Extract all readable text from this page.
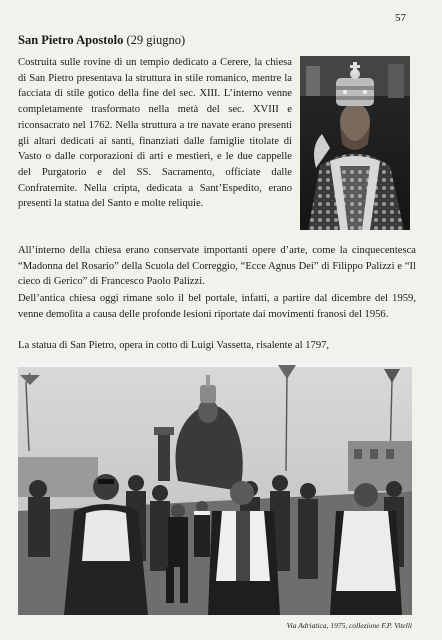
57
San Pietro Apostolo (29 giugno)

Costruita sulle rovine di un tempio dedicato a Cerere, la chiesa di San Pietro presentava la struttura in stile romanico, mentre la facciata di stile gotico della fine del sec. XIII. L’interno venne completamente trasformato nella metà del sec. XVIII e riconsacrato nel 1762. Nella struttura a tre navate erano presenti gli altari dedicati ai santi, finanziati dalle famiglie titolate di Vasto o dalle corporazioni di arti e mestieri, e le due cappelle del Purgatorio e del SS. Sacramento, officiate dalle Confraternite. Nella cripta, dedicata a Sant’Espedito, erano presenti la statua del Santo e molte reliquie.

All’interno della chiesa erano conservate importanti opere d’arte, come la cinquecentesca “Madonna del Rosario” della Scuola del Correggio, “Ecce Agnus Dei” di Filippo Palizzi e “Il cieco di Gerico” di Francesco Paolo Palizzi.

Dell’antica chiesa oggi rimane solo il bel portale, infatti, a partire dal dicembre del 1959, venne demolita a causa delle profonde lesioni riportate dai movimenti franosi del 1956.

La statua di San Pietro, opera in cotto di Luigi Vassetta, risalente al 1797,

Via Adriatica, 1975, collezione F.P. Vitelli
